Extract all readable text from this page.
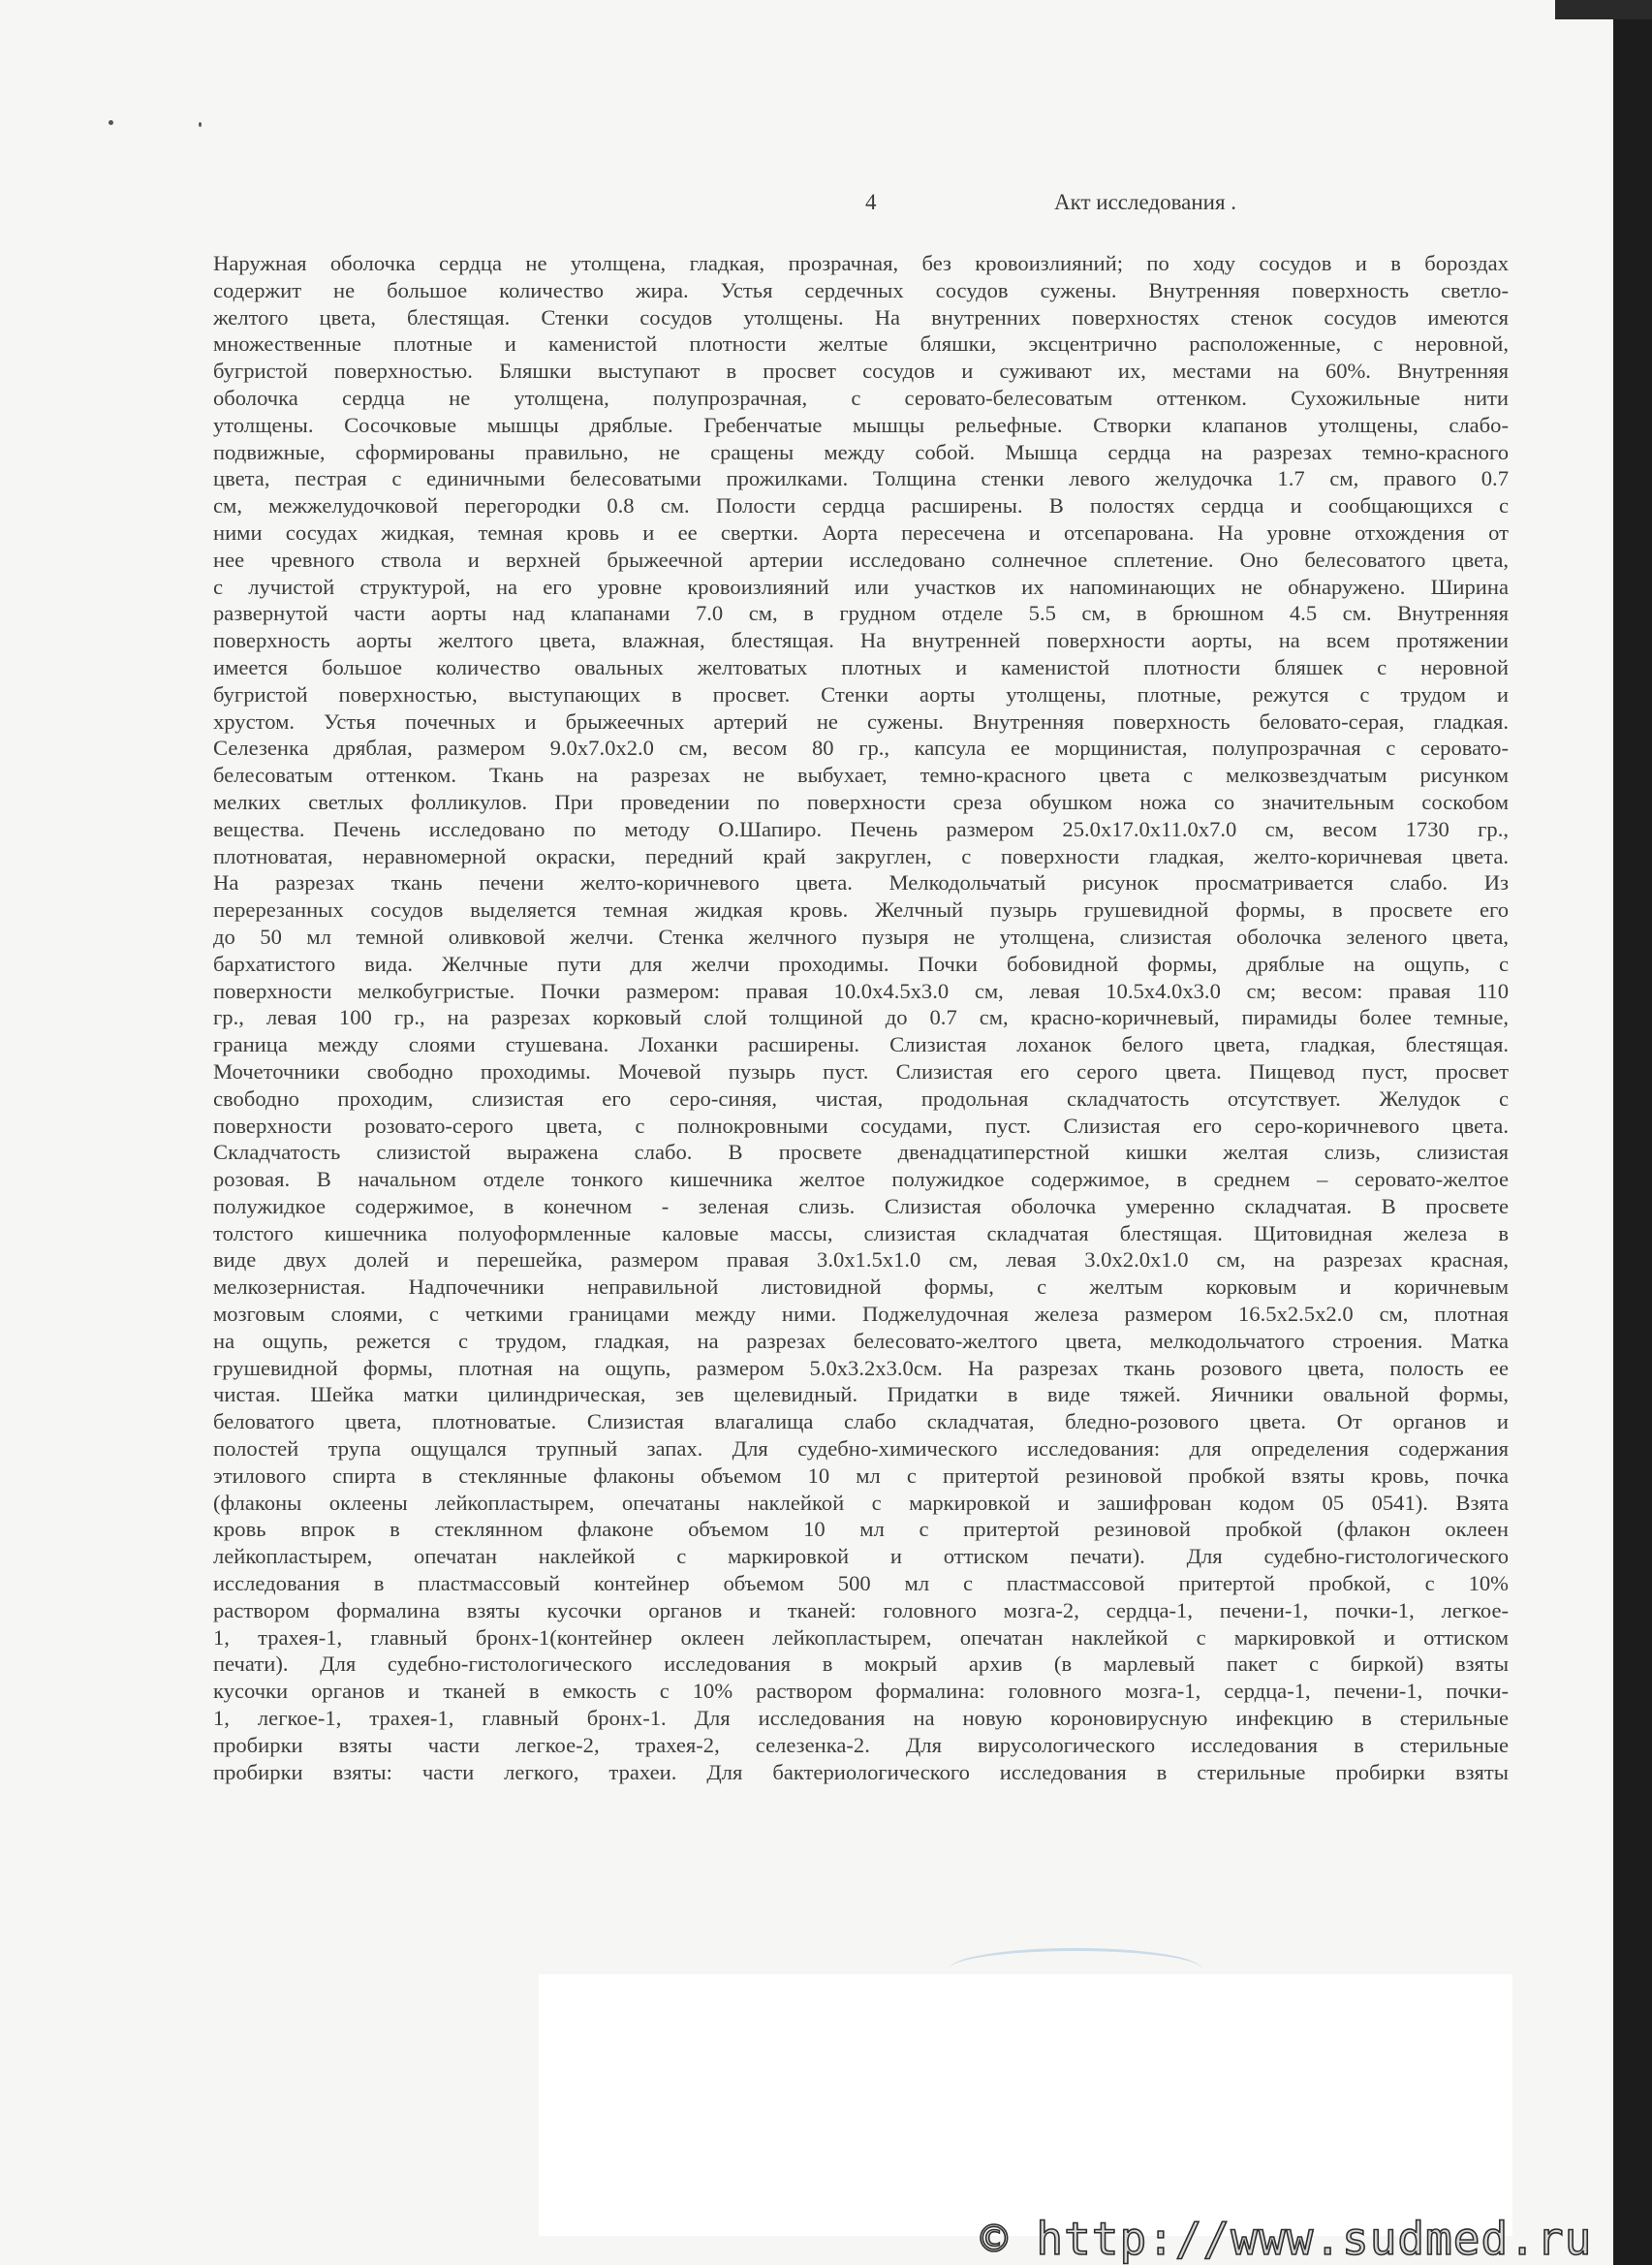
4	Акт исследования .
Наружная оболочка сердца не утолщена, гладкая, прозрачная, без кровоизлияний; по ходу сосудов и в бороздах
содержит не большое количество жира. Устья сердечных сосудов сужены. Внутренняя поверхность светло-
желтого цвета, блестящая. Стенки сосудов утолщены. На внутренних поверхностях стенок сосудов имеются
множественные плотные и каменистой плотности желтые бляшки, эксцентрично расположенные, с неровной,
бугристой поверхностью. Бляшки выступают в просвет сосудов и суживают их, местами на 60%. Внутренняя
оболочка сердца не утолщена, полупрозрачная, с серовато-белесоватым оттенком. Сухожильные нити
утолщены. Сосочковые мышцы дряблые. Гребенчатые мышцы рельефные. Створки клапанов утолщены, слабо-
подвижные, сформированы правильно, не сращены между собой. Мышца сердца на разрезах темно-красного
цвета, пестрая с единичными белесоватыми прожилками. Толщина стенки левого желудочка 1.7 см, правого 0.7
см, межжелудочковой перегородки 0.8 см. Полости сердца расширены. В полостях сердца и сообщающихся с
ними сосудах жидкая, темная кровь и ее свертки. Аорта пересечена и отсепарована. На уровне отхождения от
нее чревного ствола и верхней брыжеечной артерии исследовано солнечное сплетение. Оно белесоватого цвета,
с лучистой структурой, на его уровне кровоизлияний или участков их напоминающих не обнаружено. Ширина
развернутой части аорты над клапанами 7.0 см, в грудном отделе 5.5 см, в брюшном 4.5 см. Внутренняя
поверхность аорты желтого цвета, влажная, блестящая. На внутренней поверхности аорты, на всем протяжении
имеется большое количество овальных желтоватых плотных и каменистой плотности бляшек с неровной
бугристой поверхностью, выступающих в просвет. Стенки аорты утолщены, плотные, режутся с трудом и
хрустом. Устья почечных и брыжеечных артерий не сужены. Внутренняя поверхность беловато-серая, гладкая.
Селезенка дряблая, размером 9.0х7.0х2.0 см, весом 80 гр., капсула ее морщинистая, полупрозрачная с серовато-
белесоватым оттенком. Ткань на разрезах не выбухает, темно-красного цвета с мелкозвездчатым рисунком
мелких светлых фолликулов. При проведении по поверхности среза обушком ножа со значительным соскобом
вещества. Печень исследовано по методу О.Шапиро. Печень размером 25.0х17.0х11.0х7.0 см, весом 1730 гр.,
плотноватая, неравномерной окраски, передний край закруглен, с поверхности гладкая, желто-коричневая цвета.
На разрезах ткань печени желто-коричневого цвета. Мелкодольчатый рисунок просматривается слабо. Из
перерезанных сосудов выделяется темная жидкая кровь. Желчный пузырь грушевидной формы, в просвете его
до 50 мл темной оливковой желчи. Стенка желчного пузыря не утолщена, слизистая оболочка зеленого цвета,
бархатистого вида. Желчные пути для желчи проходимы. Почки бобовидной формы, дряблые на ощупь, с
поверхности мелкобугристые. Почки размером: правая 10.0х4.5х3.0 см, левая 10.5х4.0х3.0 см; весом: правая 110
гр., левая 100 гр., на разрезах корковый слой толщиной до 0.7 см, красно-коричневый, пирамиды более темные,
граница между слоями стушевана. Лоханки расширены. Слизистая лоханок белого цвета, гладкая, блестящая.
Мочеточники свободно проходимы. Мочевой пузырь пуст. Слизистая его серого цвета. Пищевод пуст, просвет
свободно проходим, слизистая его серо-синяя, чистая, продольная складчатость отсутствует. Желудок с
поверхности розовато-серого цвета, с полнокровными сосудами, пуст. Слизистая его серо-коричневого цвета.
Складчатость слизистой выражена слабо. В просвете двенадцатиперстной кишки желтая слизь, слизистая
розовая. В начальном отделе тонкого кишечника желтое полужидкое содержимое, в среднем – серовато-желтое
полужидкое содержимое, в конечном - зеленая слизь. Слизистая оболочка умеренно складчатая. В просвете
толстого кишечника полуоформленные каловые массы, слизистая складчатая блестящая. Щитовидная железа в
виде двух долей и перешейка, размером правая 3.0х1.5х1.0 см, левая 3.0х2.0х1.0 см, на разрезах красная,
мелкозернистая. Надпочечники неправильной листовидной формы, с желтым корковым и коричневым
мозговым слоями, с четкими границами между ними. Поджелудочная железа размером 16.5х2.5х2.0 см, плотная
на ощупь, режется с трудом, гладкая, на разрезах белесовато-желтого цвета, мелкодольчатого строения. Матка
грушевидной формы, плотная на ощупь, размером 5.0х3.2х3.0см. На разрезах ткань розового цвета, полость ее
чистая. Шейка матки цилиндрическая, зев щелевидный. Придатки в виде тяжей. Яичники овальной формы,
беловатого цвета, плотноватые. Слизистая влагалища слабо складчатая, бледно-розового цвета. От органов и
полостей трупа ощущался трупный запах. Для судебно-химического исследования: для определения содержания
этилового спирта в стеклянные флаконы объемом 10 мл с притертой резиновой пробкой взяты кровь, почка
(флаконы оклеены лейкопластырем, опечатаны наклейкой с маркировкой и зашифрован кодом 05 0541). Взята
кровь впрок в стеклянном флаконе объемом 10 мл с притертой резиновой пробкой (флакон оклеен
лейкопластырем, опечатан наклейкой с маркировкой и оттиском печати). Для судебно-гистологического
исследования в пластмассовый контейнер объемом 500 мл с пластмассовой притертой пробкой, с 10%
раствором формалина взяты кусочки органов и тканей: головного мозга-2, сердца-1, печени-1, почки-1, легкое-
1, трахея-1, главный бронх-1(контейнер оклеен лейкопластырем, опечатан наклейкой с маркировкой и оттиском
печати). Для судебно-гистологического исследования в мокрый архив (в марлевый пакет с биркой) взяты
кусочки органов и тканей в емкость с 10% раствором формалина: головного мозга-1, сердца-1, печени-1, почки-
1, легкое-1, трахея-1, главный бронх-1. Для исследования на новую короновирусную инфекцию в стерильные
пробирки взяты части легкое-2, трахея-2, селезенка-2. Для вирусологического исследования в стерильные
пробирки взяты: части легкого, трахеи. Для бактериологического исследования в стерильные пробирки взяты
© http://www.sudmed.ru
